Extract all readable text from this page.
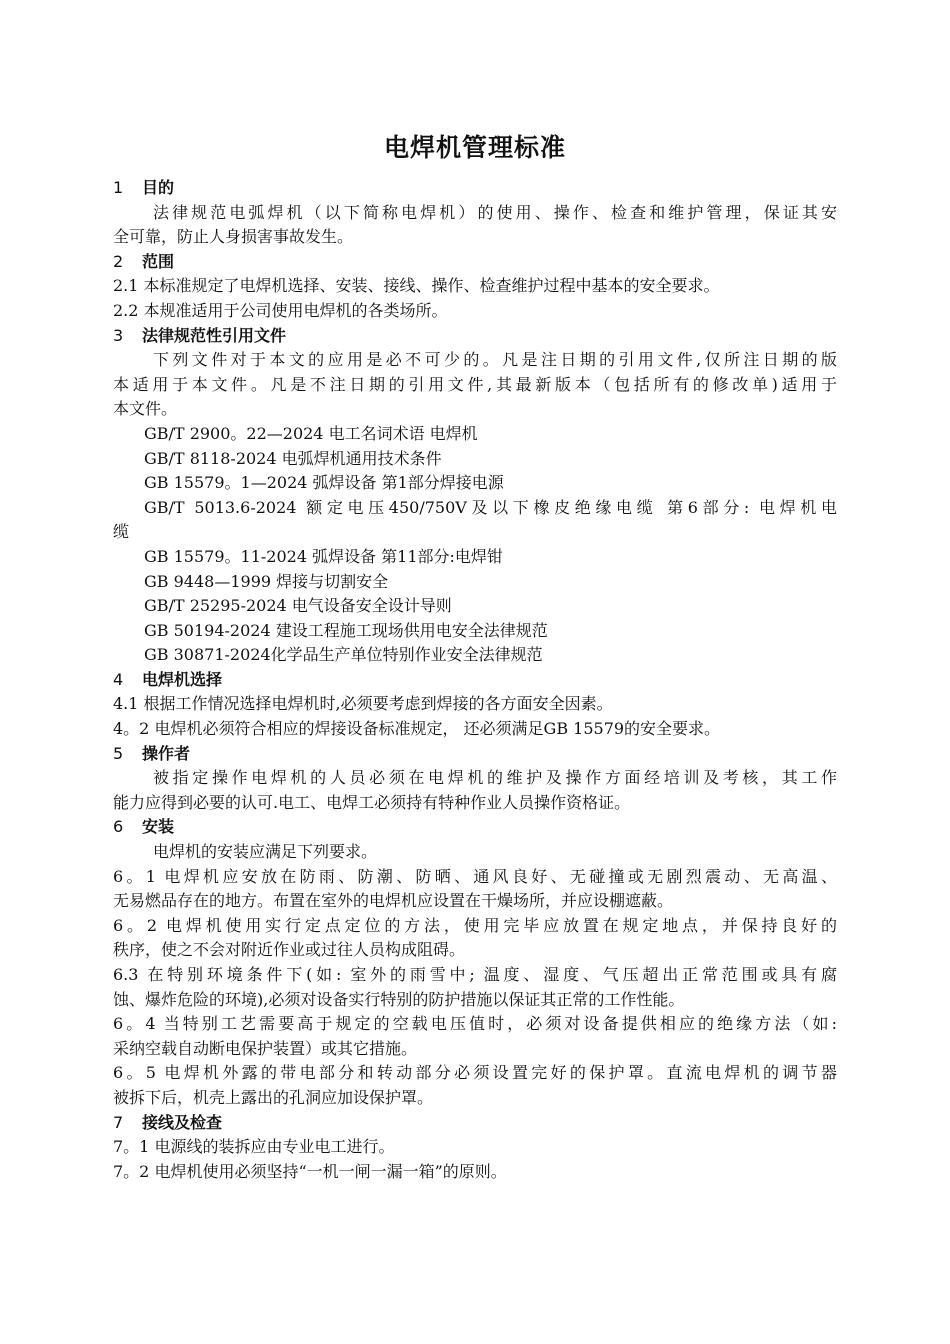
电焊机管理标准
1 目的
法律规范电弧焊机（以下简称电焊机）的使用、操作、检查和维护管理，保证其安
全可靠，防止人身损害事故发生。
2 范围
2.1 本标准规定了电焊机选择、安装、接线、操作、检查维护过程中基本的安全要求。
2.2 本规准适用于公司使用电焊机的各类场所。
3 法律规范性引用文件
下列文件对于本文的应用是必不可少的。凡是注日期的引用文件,仅所注日期的版
本适用于本文件。凡是不注日期的引用文件,其最新版本（包括所有的修改单)适用于
本文件。
GB/T 2900。22—2024 电工名词术语 电焊机
GB/T 8118-2024 电弧焊机通用技术条件
GB 15579。1—2024 弧焊设备 第1部分焊接电源
GB/T 5013.6-2024 额定电压450/750V及以下橡皮绝缘电缆 第6部分: 电焊机电
缆
GB 15579。11-2024 弧焊设备 第11部分:电焊钳
GB 9448—1999 焊接与切割安全
GB/T 25295-2024 电气设备安全设计导则
GB 50194-2024 建设工程施工现场供用电安全法律规范
GB 30871-2024化学品生产单位特别作业安全法律规范
4 电焊机选择
4.1 根据工作情况选择电焊机时,必须要考虑到焊接的各方面安全因素。
4。2 电焊机必须符合相应的焊接设备标准规定， 还必须满足GB 15579的安全要求。
5 操作者
被指定操作电焊机的人员必须在电焊机的维护及操作方面经培训及考核，其工作
能力应得到必要的认可.电工、电焊工必须持有特种作业人员操作资格证。
6 安装
电焊机的安装应满足下列要求。
6。1 电焊机应安放在防雨、防潮、防晒、通风良好、无碰撞或无剧烈震动、无高温、
无易燃品存在的地方。布置在室外的电焊机应设置在干燥场所，并应设棚遮蔽。
6。2 电焊机使用实行定点定位的方法，使用完毕应放置在规定地点，并保持良好的
秩序，使之不会对附近作业或过往人员构成阻碍。
6.3 在特别环境条件下(如: 室外的雨雪中; 温度、湿度、气压超出正常范围或具有腐
蚀、爆炸危险的环境),必须对设备实行特别的防护措施以保证其正常的工作性能。
6。4 当特别工艺需要高于规定的空载电压值时，必须对设备提供相应的绝缘方法（如:
采纳空载自动断电保护装置）或其它措施。
6。5 电焊机外露的带电部分和转动部分必须设置完好的保护罩。直流电焊机的调节器
被拆下后，机壳上露出的孔洞应加设保护罩。
7 接线及检查
7。1 电源线的装拆应由专业电工进行。
7。2 电焊机使用必须坚持“一机一闸一漏一箱”的原则。
